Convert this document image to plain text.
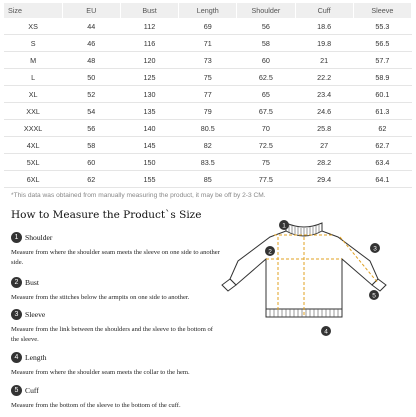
Size	EU	Bust	Length	Shoulder	Cuff	Sleeve
XS	44	112	69	56	18.6	55.3
S	46	116	71	58	19.8	56.5
M	48	120	73	60	21	57.7
L	50	125	75	62.5	22.2	58.9
XL	52	130	77	65	23.4	60.1
XXL	54	135	79	67.5	24.6	61.3
XXXL	56	140	80.5	70	25.8	62
4XL	58	145	82	72.5	27	62.7
5XL	60	150	83.5	75	28.2	63.4
6XL	62	155	85	77.5	29.4	64.1
*This data was obtained from manually measuring the product, it may be off by 2-3 CM.
How to Measure the Product`s Size
1 Shoulder
Measure from where the shoulder seam meets the sleeve on one side to another side.
2 Bust
Measure from the stitches below the armpits on one side to another.
3 Sleeve
Measure from the link between the shoulders and the sleeve to the bottom of the sleeve.
4 Length
Measure from where the shoulder seam meets the collar to the hem.
5 Cuff
Measure from the bottom of the sleeve to the bottom of the cuff.
1
2	3
4
5
